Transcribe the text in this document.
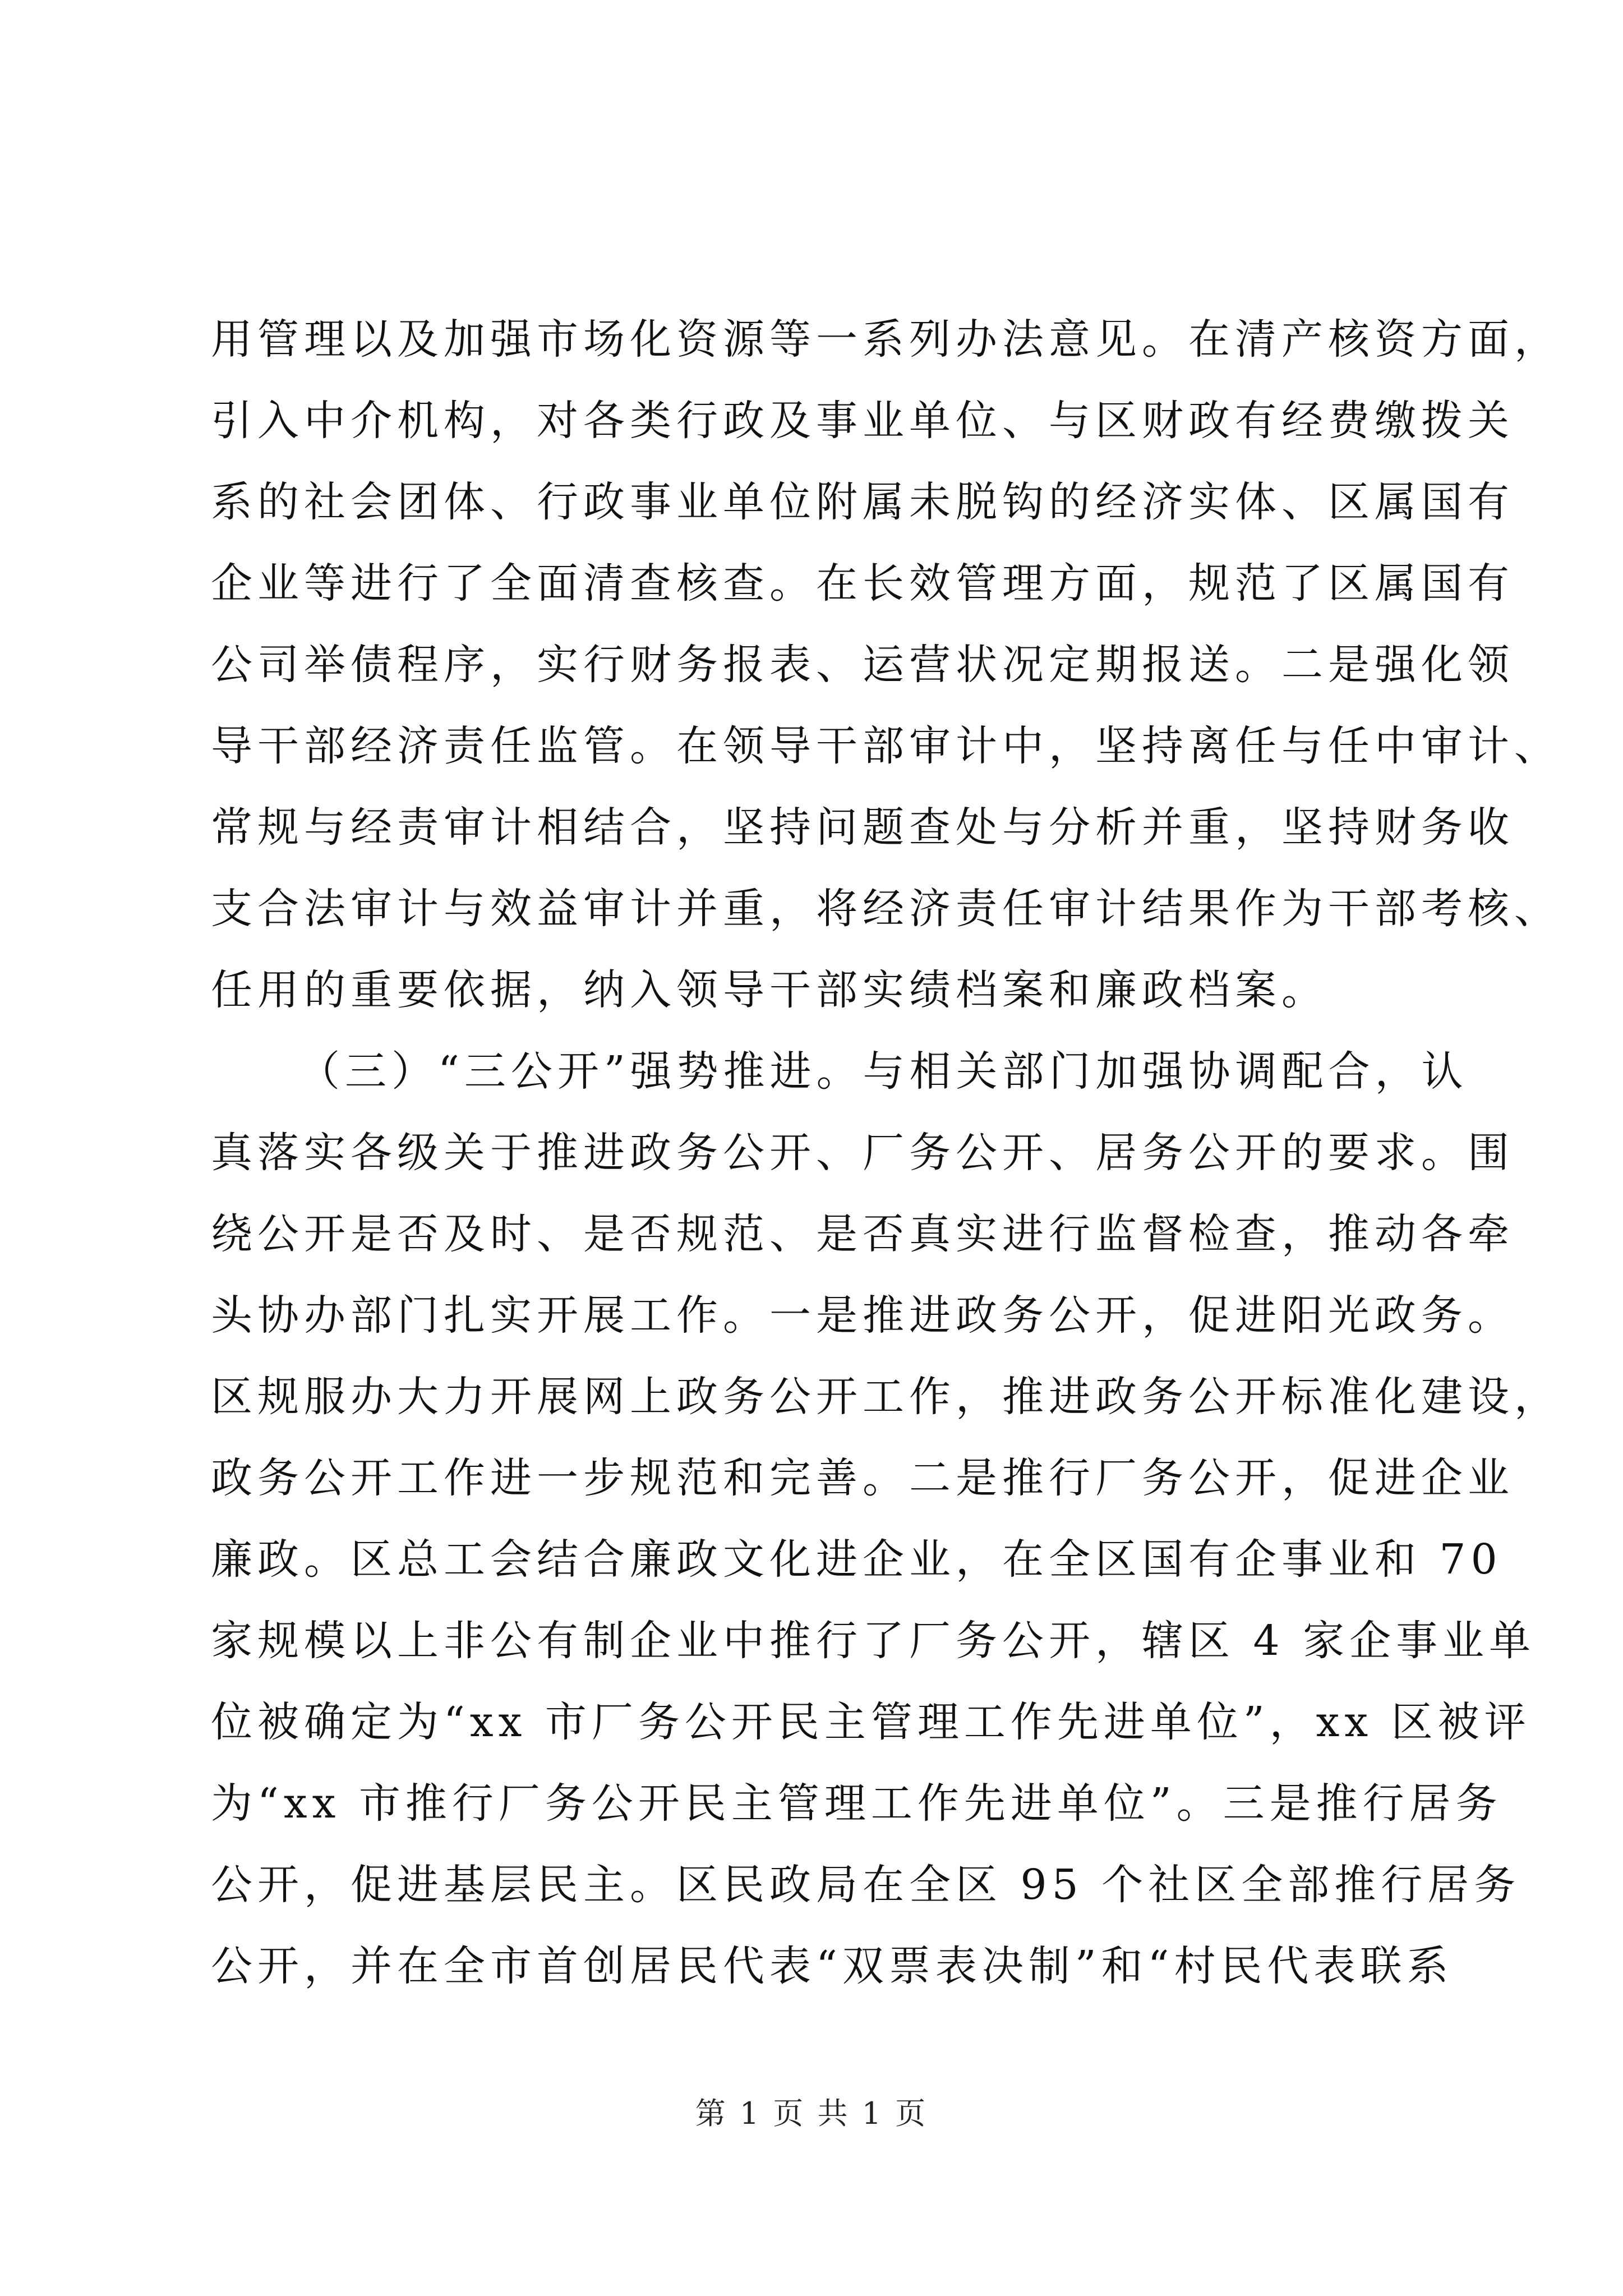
用管理以及加强市场化资源等一系列办法意见。在清产核资方面，
引入中介机构，对各类行政及事业单位、与区财政有经费缴拨关
系的社会团体、行政事业单位附属未脱钩的经济实体、区属国有
企业等进行了全面清查核查。在长效管理方面，规范了区属国有
公司举债程序，实行财务报表、运营状况定期报送。二是强化领
导干部经济责任监管。在领导干部审计中，坚持离任与任中审计、
常规与经责审计相结合，坚持问题查处与分析并重，坚持财务收
支合法审计与效益审计并重，将经济责任审计结果作为干部考核、
任用的重要依据，纳入领导干部实绩档案和廉政档案。
（三）“三公开”强势推进。与相关部门加强协调配合，认
真落实各级关于推进政务公开、厂务公开、居务公开的要求。围
绕公开是否及时、是否规范、是否真实进行监督检查，推动各牵
头协办部门扎实开展工作。一是推进政务公开，促进阳光政务。
区规服办大力开展网上政务公开工作，推进政务公开标准化建设，
政务公开工作进一步规范和完善。二是推行厂务公开，促进企业
廉政。区总工会结合廉政文化进企业，在全区国有企事业和 70
家规模以上非公有制企业中推行了厂务公开，辖区 4 家企事业单
位被确定为“xx 市厂务公开民主管理工作先进单位”，xx 区被评
为“xx 市推行厂务公开民主管理工作先进单位”。三是推行居务
公开，促进基层民主。区民政局在全区 95 个社区全部推行居务
公开，并在全市首创居民代表“双票表决制”和“村民代表联系
第 1 页 共 1 页
